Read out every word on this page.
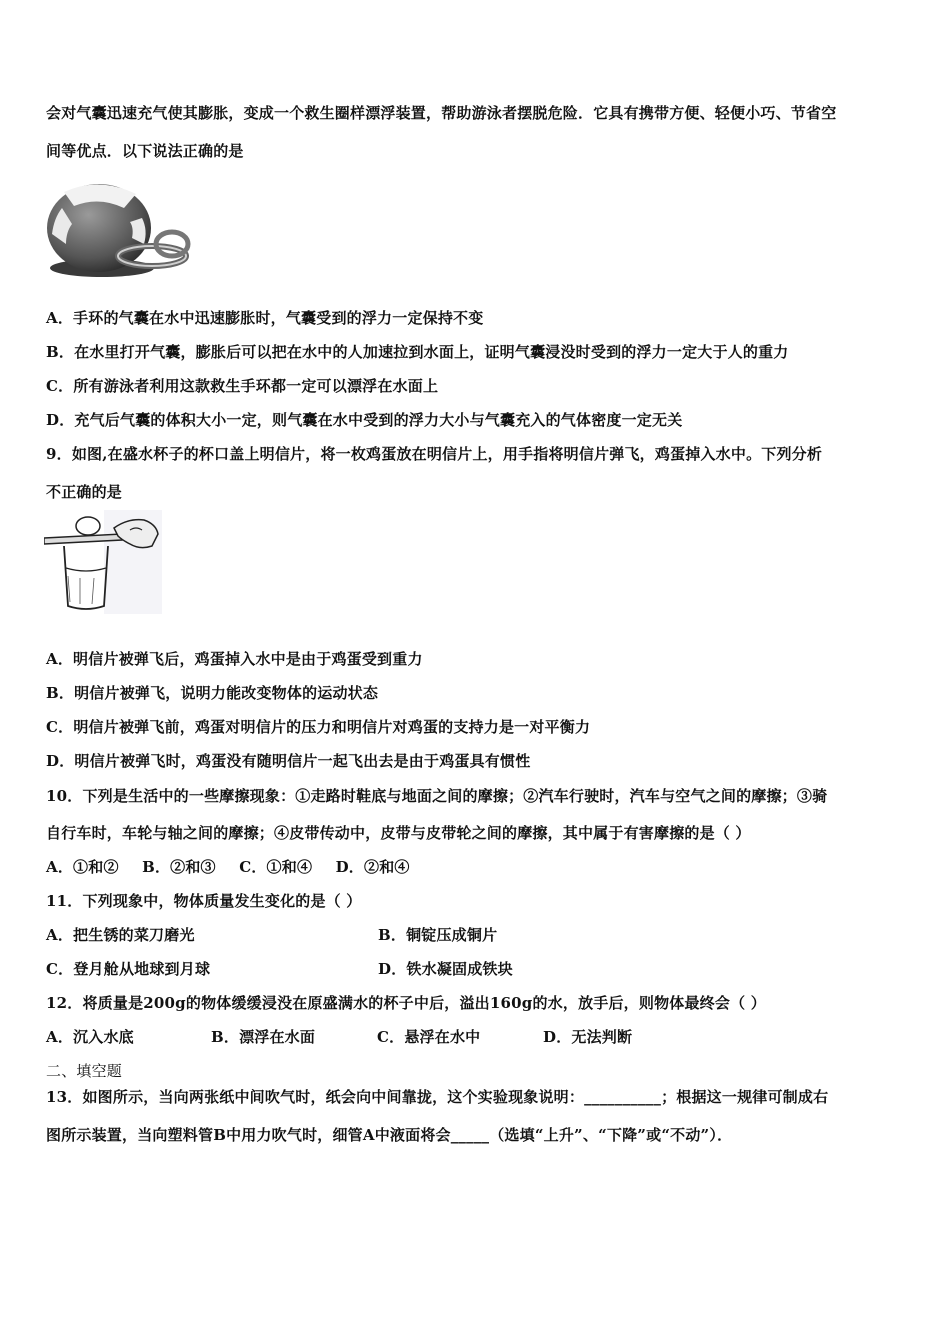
会对气囊迅速充气使其膨胀，变成一个救生圈样漂浮装置，帮助游泳者摆脱危险．它具有携带方便、轻便小巧、节省空
间等优点．以下说法正确的是
A．手环的气囊在水中迅速膨胀时，气囊受到的浮力一定保持不变
B．在水里打开气囊，膨胀后可以把在水中的人加速拉到水面上，证明气囊浸没时受到的浮力一定大于人的重力
C．所有游泳者利用这款救生手环都一定可以漂浮在水面上
D．充气后气囊的体积大小一定，则气囊在水中受到的浮力大小与气囊充入的气体密度一定无关
9．如图,在盛水杯子的杯口盖上明信片，将一枚鸡蛋放在明信片上，用手指将明信片弹飞，鸡蛋掉入水中。下列分析
不正确的是
A．明信片被弹飞后，鸡蛋掉入水中是由于鸡蛋受到重力
B．明信片被弹飞，说明力能改变物体的运动状态
C．明信片被弹飞前，鸡蛋对明信片的压力和明信片对鸡蛋的支持力是一对平衡力
D．明信片被弹飞时，鸡蛋没有随明信片一起飞出去是由于鸡蛋具有惯性
10．下列是生活中的一些摩擦现象：①走路时鞋底与地面之间的摩擦；②汽车行驶时，汽车与空气之间的摩擦；③骑
自行车时，车轮与轴之间的摩擦；④皮带传动中，皮带与皮带轮之间的摩擦，其中属于有害摩擦的是（ ）
A．①和② B．②和③ C．①和④ D．②和④
11．下列现象中，物体质量发生变化的是（ ）
A．把生锈的菜刀磨光	B．铜锭压成铜片
C．登月舱从地球到月球	D．铁水凝固成铁块
12．将质量是200g的物体缓缓浸没在原盛满水的杯子中后，溢出160g的水，放手后，则物体最终会（ ）
A．沉入水底	B．漂浮在水面	C．悬浮在水中	D．无法判断
二、填空题
13．如图所示，当向两张纸中间吹气时，纸会向中间靠拢，这个实验现象说明：__________；根据这一规律可制成右
图所示装置，当向塑料管B中用力吹气时，细管A中液面将会_____（选填“上升”、“下降”或“不动”）．
